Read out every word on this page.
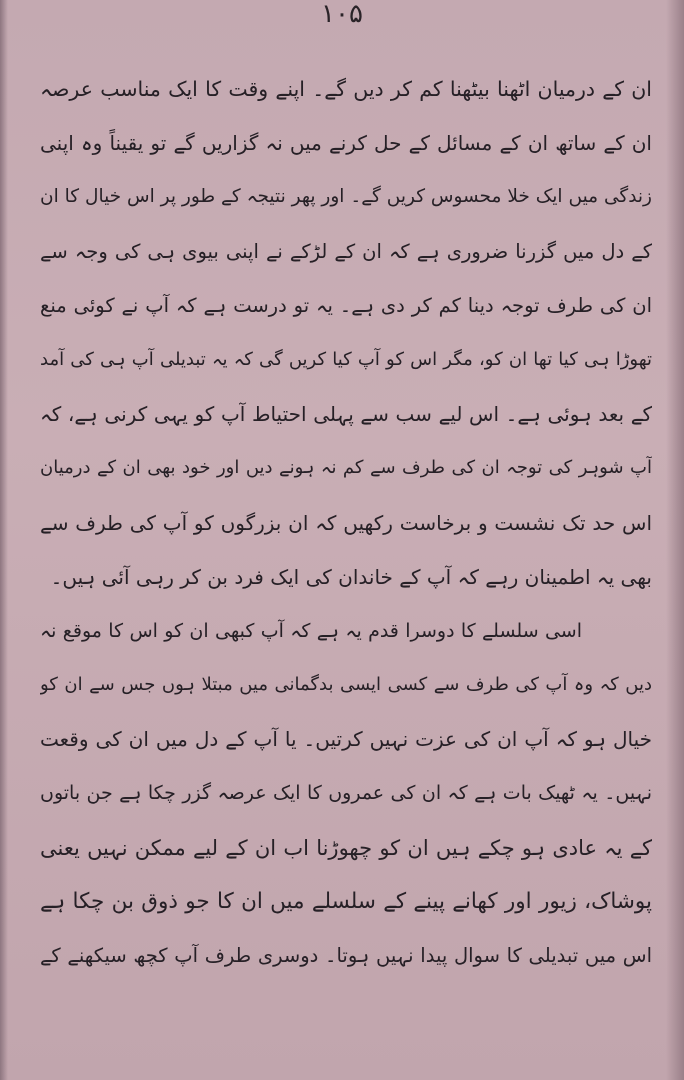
۱۰۵
ان کے درمیان اٹھنا بیٹھنا کم کر دیں گے۔ اپنے وقت کا ایک مناسب عرصہ
ان کے ساتھ ان کے مسائل کے حل کرنے میں نہ گزاریں گے تو یقیناً وہ اپنی
زندگی میں ایک خلا محسوس کریں گے۔ اور پھر نتیجہ کے طور پر اس خیال کا ان
کے دل میں گزرنا ضروری ہے کہ ان کے لڑکے نے اپنی بیوی ہی کی وجہ سے
ان کی طرف توجہ دینا کم کر دی ہے۔ یہ تو درست ہے کہ آپ نے کوئی منع
تھوڑا ہی کیا تھا ان کو، مگر اس کو آپ کیا کریں گی کہ یہ تبدیلی آپ ہی کی آمد
کے بعد ہوئی ہے۔ اس لیے سب سے پہلی احتیاط آپ کو یہی کرنی ہے، کہ
آپ شوہر کی توجہ ان کی طرف سے کم نہ ہونے دیں اور خود بھی ان کے درمیان
اس حد تک نشست و برخاست رکھیں کہ ان بزرگوں کو آپ کی طرف سے
بھی یہ اطمینان رہے کہ آپ کے خاندان کی ایک فرد بن کر رہی آئی ہیں۔
اسی سلسلے کا دوسرا قدم یہ ہے کہ آپ کبھی ان کو اس کا موقع نہ
دیں کہ وہ آپ کی طرف سے کسی ایسی بدگمانی میں مبتلا ہوں جس سے ان کو
خیال ہو کہ آپ ان کی عزت نہیں کرتیں۔ یا آپ کے دل میں ان کی وقعت
نہیں۔ یہ ٹھیک بات ہے کہ ان کی عمروں کا ایک عرصہ گزر چکا ہے جن باتوں
کے یہ عادی ہو چکے ہیں ان کو چھوڑنا اب ان کے لیے ممکن نہیں یعنی
پوشاک، زیور اور کھانے پینے کے سلسلے میں ان کا جو ذوق بن چکا ہے
اس میں تبدیلی کا سوال پیدا نہیں ہوتا۔ دوسری طرف آپ کچھ سیکھنے کے
